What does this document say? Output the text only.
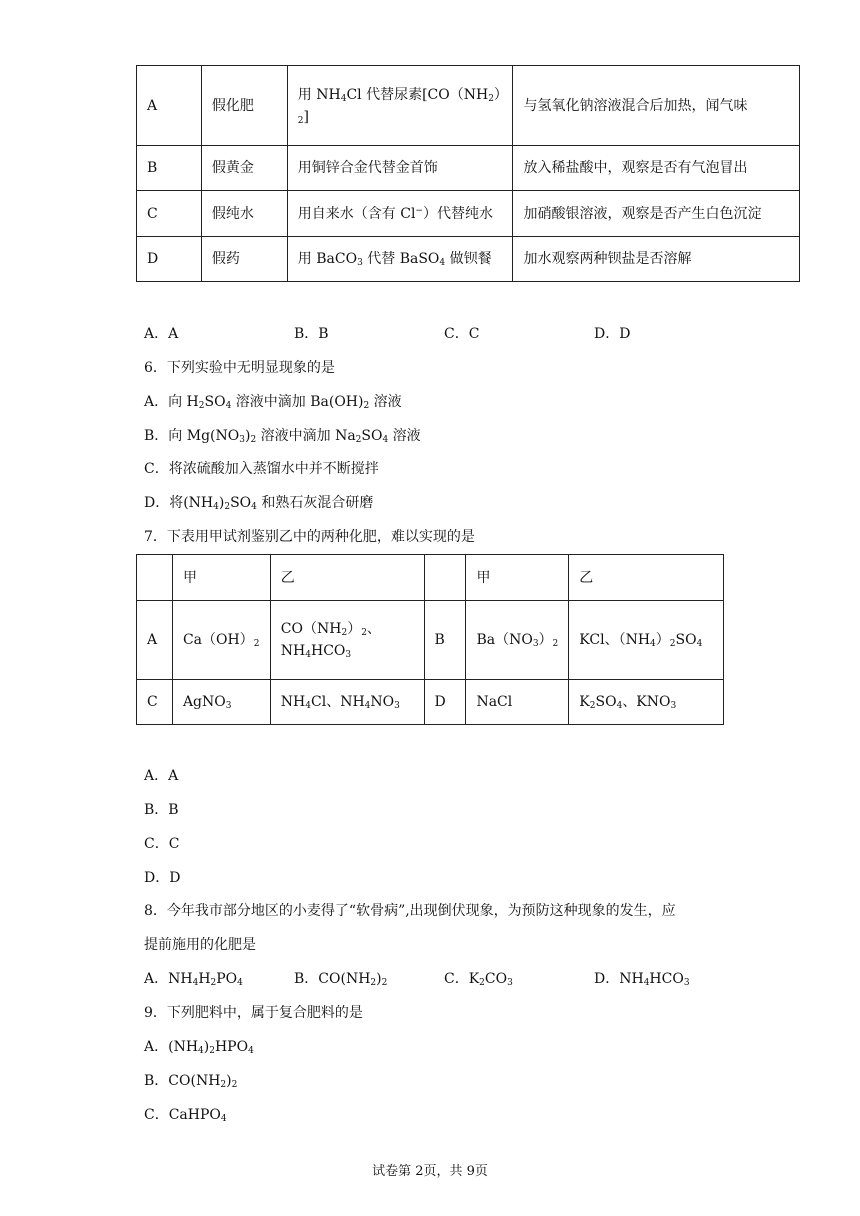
A	假化肥	用 $NH_4Cl$ 代替尿素[$CO(NH_2)$
$_2$]	与氢氧化钠溶液混合后加热，闻气味
B	假黄金	用铜锌合金代替金首饰	放入稀盐酸中，观察是否有气泡冒出
C	假纯水	用自来水（含有 Cl−）代替纯水	加硝酸银溶液，观察是否产生白色沉淀
D	假药	用 BaCO$_3$ 代替 BaSO$_4$ 做钡餐	加水观察两种钡盐是否溶解
A．A	B．B	C．C	D．D
6．下列实验中无明显现象的是
A．向 $H_2SO_4$ 溶液中滴加 $Ba(OH)_2$ 溶液
B．向 $Mg(NO_3)_2$ 溶液中滴加 $Na_2SO_4$ 溶液
C．将浓硫酸加入蒸馏水中并不断搅拌
D．将$(NH_4)_2SO_4$ 和熟石灰混合研磨
7．下表用甲试剂鉴别乙中的两种化肥，难以实现的是
	甲	乙		甲	乙
A	$Ca(OH)_2$	$CO(NH_2)_2$、
$NH_4HCO_3$	B	$Ba(NO_3)_2$	KCl、$(NH_4)_2SO_4$
C	AgNO$_3$	$NH_4Cl$、$NH_4NO_3$	D	NaCl	$K_2SO_4$、$KNO_3$
A．A
B．B
C．C
D．D
8．今年我市部分地区的小麦得了“软骨病”,出现倒伏现象，为预防这种现象的发生，应
提前施用的化肥是
A．$NH_4H_2PO_4$	B．$CO(NH_2)_2$	C．$K_2CO_3$	D．$NH_4HCO_3$
9．下列肥料中，属于复合肥料的是
A．$(NH_4)_2HPO_4$
B．$CO(NH_2)_2$
C．CaHPO$_4$
试卷第 2页，共 9页
